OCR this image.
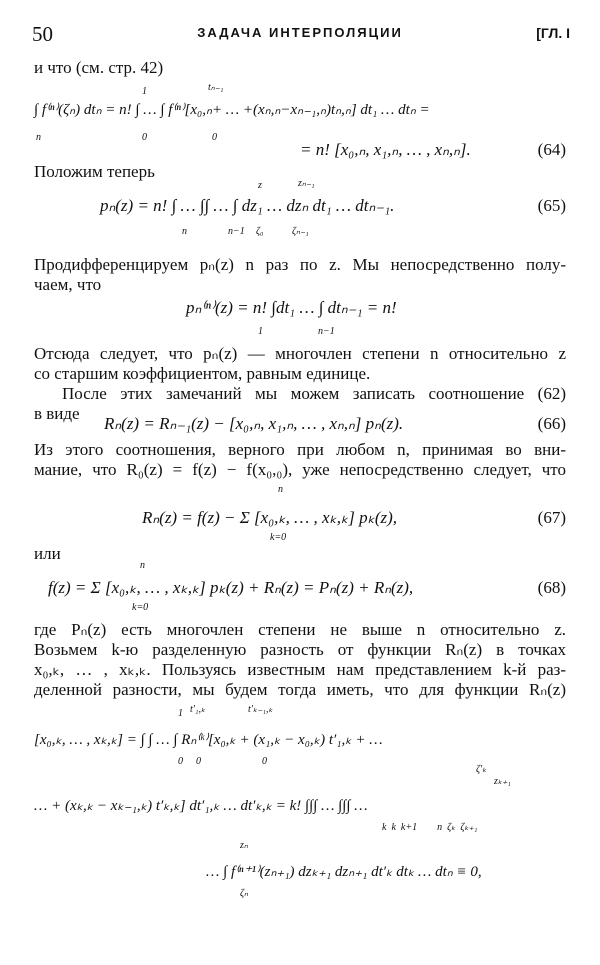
50	ЗАДАЧА ИНТЕРПОЛЯЦИИ	[ГЛ. I
и что (см. стр. 42)
1	tₙ₋₁
∫ f⁽ⁿ⁾(ζₙ) dtₙ = n! ∫ … ∫ f⁽ⁿ⁾[x₀,ₙ+ … +(xₙ,ₙ−xₙ₋₁,ₙ)tₙ,ₙ] dt₁ … dtₙ =
n	0	0
= n! [x₀,ₙ, x₁,ₙ, … , xₙ,ₙ].	(64)
Положим теперь
z	zₙ₋₁
pₙ(z) = n! ∫ … ∫∫ … ∫ dz₁ … dzₙ dt₁ … dtₙ₋₁.	(65)
n	n−1 ζ₀	ζₙ₋₁
Продифференцируем pₙ(z) n раз по z. Мы непосредственно полу-
чаем, что
pₙ⁽ⁿ⁾(z) = n! ∫dt₁ … ∫ dtₙ₋₁ = n!
1	n−1
Отсюда следует, что pₙ(z) — многочлен степени n относительно z
со старшим коэффициентом, равным единице.
После этих замечаний мы можем записать соотношение (62)
в виде
Rₙ(z) = Rₙ₋₁(z) − [x₀,ₙ, x₁,ₙ, … , xₙ,ₙ] pₙ(z).	(66)
Из этого соотношения, верного при любом n, принимая во вни-
мание, что R₀(z) = f(z) − f(x₀,₀), уже непосредственно следует, что
n
Rₙ(z) = f(z) − Σ [x₀,ₖ, … , xₖ,ₖ] pₖ(z),	(67)
k=0
или
n
f(z) = Σ [x₀,ₖ, … , xₖ,ₖ] pₖ(z) + Rₙ(z) = Pₙ(z) + Rₙ(z),	(68)
k=0
где Pₙ(z) есть многочлен степени не выше n относительно z.
Возьмем k-ю разделенную разность от функции Rₙ(z) в точках
x₀,ₖ, … , xₖ,ₖ. Пользуясь известным нам представлением k-й раз-
деленной разности, мы будем тогда иметь, что для функции Rₙ(z)
1 t′₁,ₖ	t′ₖ₋₁,ₖ
[x₀,ₖ, … , xₖ,ₖ] = ∫ ∫ … ∫ Rₙ⁽ᵏ⁾[x₀,ₖ + (x₁,ₖ − x₀,ₖ) t′₁,ₖ + …
0 0	0
ζ′ₖ
zₖ₊₁
… + (xₖ,ₖ − xₖ₋₁,ₖ) t′ₖ,ₖ] dt′₁,ₖ … dt′ₖ,ₖ = k! ∫∫∫ … ∫∫∫ …
k  k  k+1        n  ζₖ  ζₖ₊₁
zₙ
… ∫ f⁽ⁿ⁺¹⁾(zₙ₊₁) dzₖ₊₁ dzₙ₊₁ dt′ₖ dtₖ … dtₙ ≡ 0,
ζₙ
